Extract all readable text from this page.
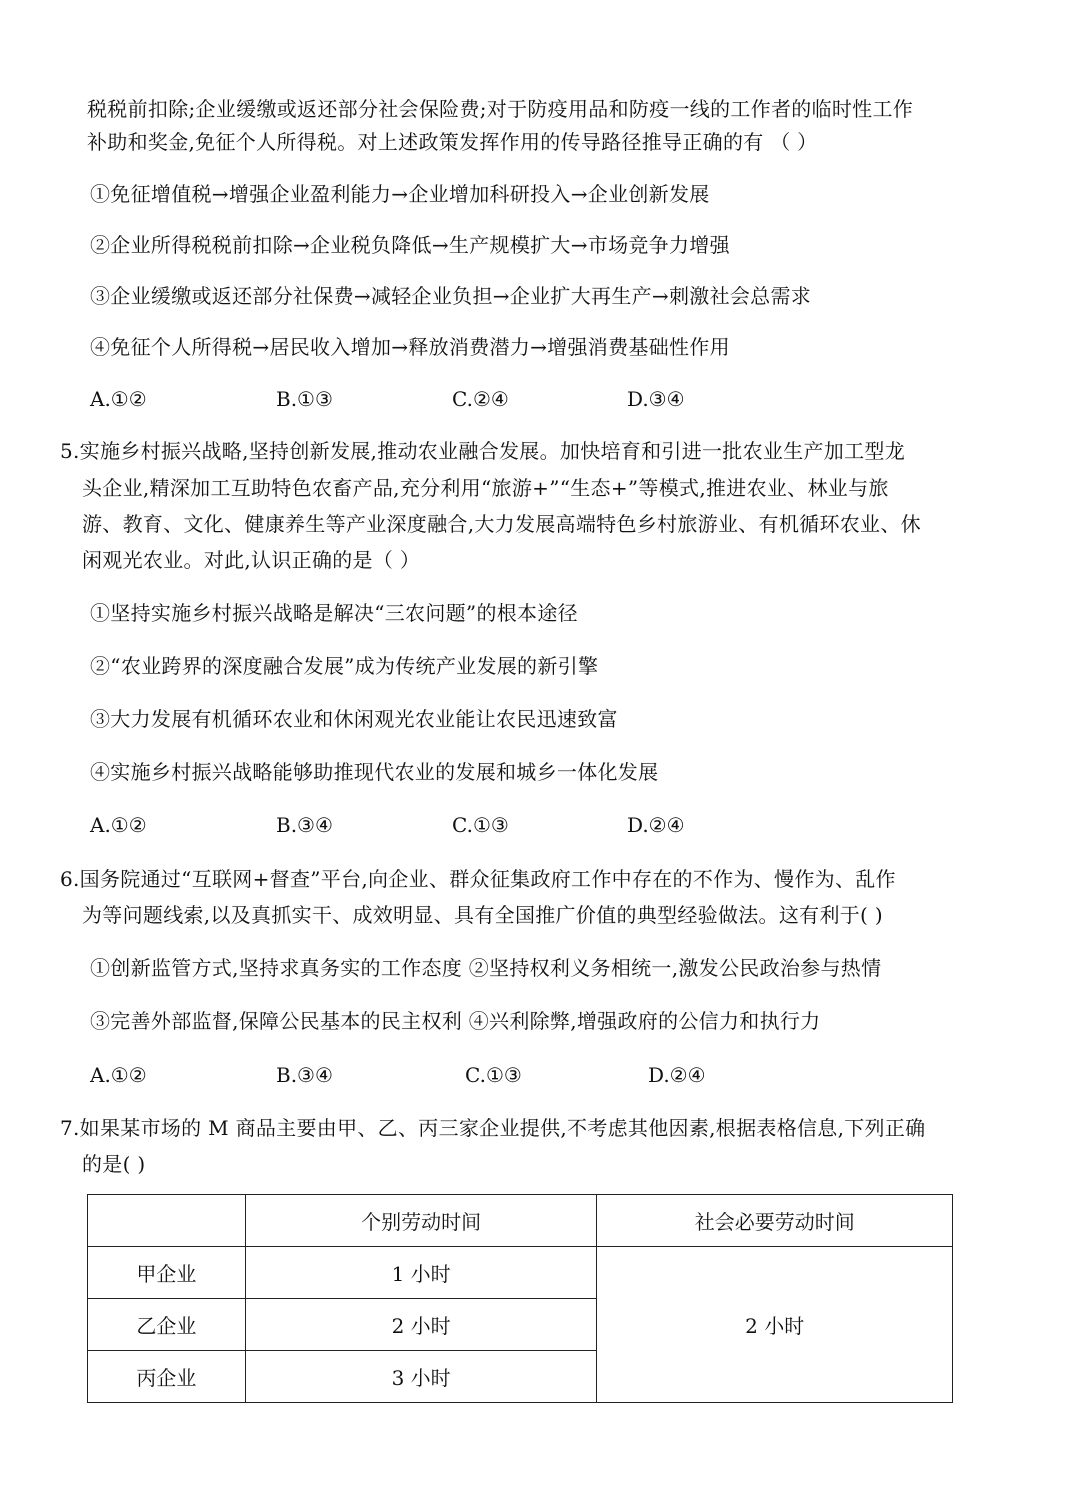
税税前扣除;企业缓缴或返还部分社会保险费;对于防疫用品和防疫一线的工作者的临时性工作
补助和奖金,免征个人所得税。对上述政策发挥作用的传导路径推导正确的有 （ ）
①免征增值税→增强企业盈利能力→企业增加科研投入→企业创新发展
②企业所得税税前扣除→企业税负降低→生产规模扩大→市场竞争力增强
③企业缓缴或返还部分社保费→减轻企业负担→企业扩大再生产→刺激社会总需求
④免征个人所得税→居民收入增加→释放消费潜力→增强消费基础性作用
A.①②	B.①③	C.②④	D.③④
5.实施乡村振兴战略,坚持创新发展,推动农业融合发展。加快培育和引进一批农业生产加工型龙
头企业,精深加工互助特色农畜产品,充分利用“旅游+”“生态+”等模式,推进农业、林业与旅
游、教育、文化、健康养生等产业深度融合,大力发展高端特色乡村旅游业、有机循环农业、休
闲观光农业。对此,认识正确的是（ ）
①坚持实施乡村振兴战略是解决“三农问题”的根本途径
②“农业跨界的深度融合发展”成为传统产业发展的新引擎
③大力发展有机循环农业和休闲观光农业能让农民迅速致富
④实施乡村振兴战略能够助推现代农业的发展和城乡一体化发展
A.①②	B.③④	C.①③	D.②④
6.国务院通过“互联网+督查”平台,向企业、群众征集政府工作中存在的不作为、慢作为、乱作
为等问题线索,以及真抓实干、成效明显、具有全国推广价值的典型经验做法。这有利于( )
①创新监管方式,坚持求真务实的工作态度 ②坚持权利义务相统一,激发公民政治参与热情
③完善外部监督,保障公民基本的民主权利 ④兴利除弊,增强政府的公信力和执行力
A.①②	B.③④	C.①③	D.②④
7.如果某市场的 M 商品主要由甲、乙、丙三家企业提供,不考虑其他因素,根据表格信息,下列正确
的是( )
	个别劳动时间	社会必要劳动时间
甲企业	1 小时	2 小时
乙企业	2 小时	
丙企业	3 小时	
